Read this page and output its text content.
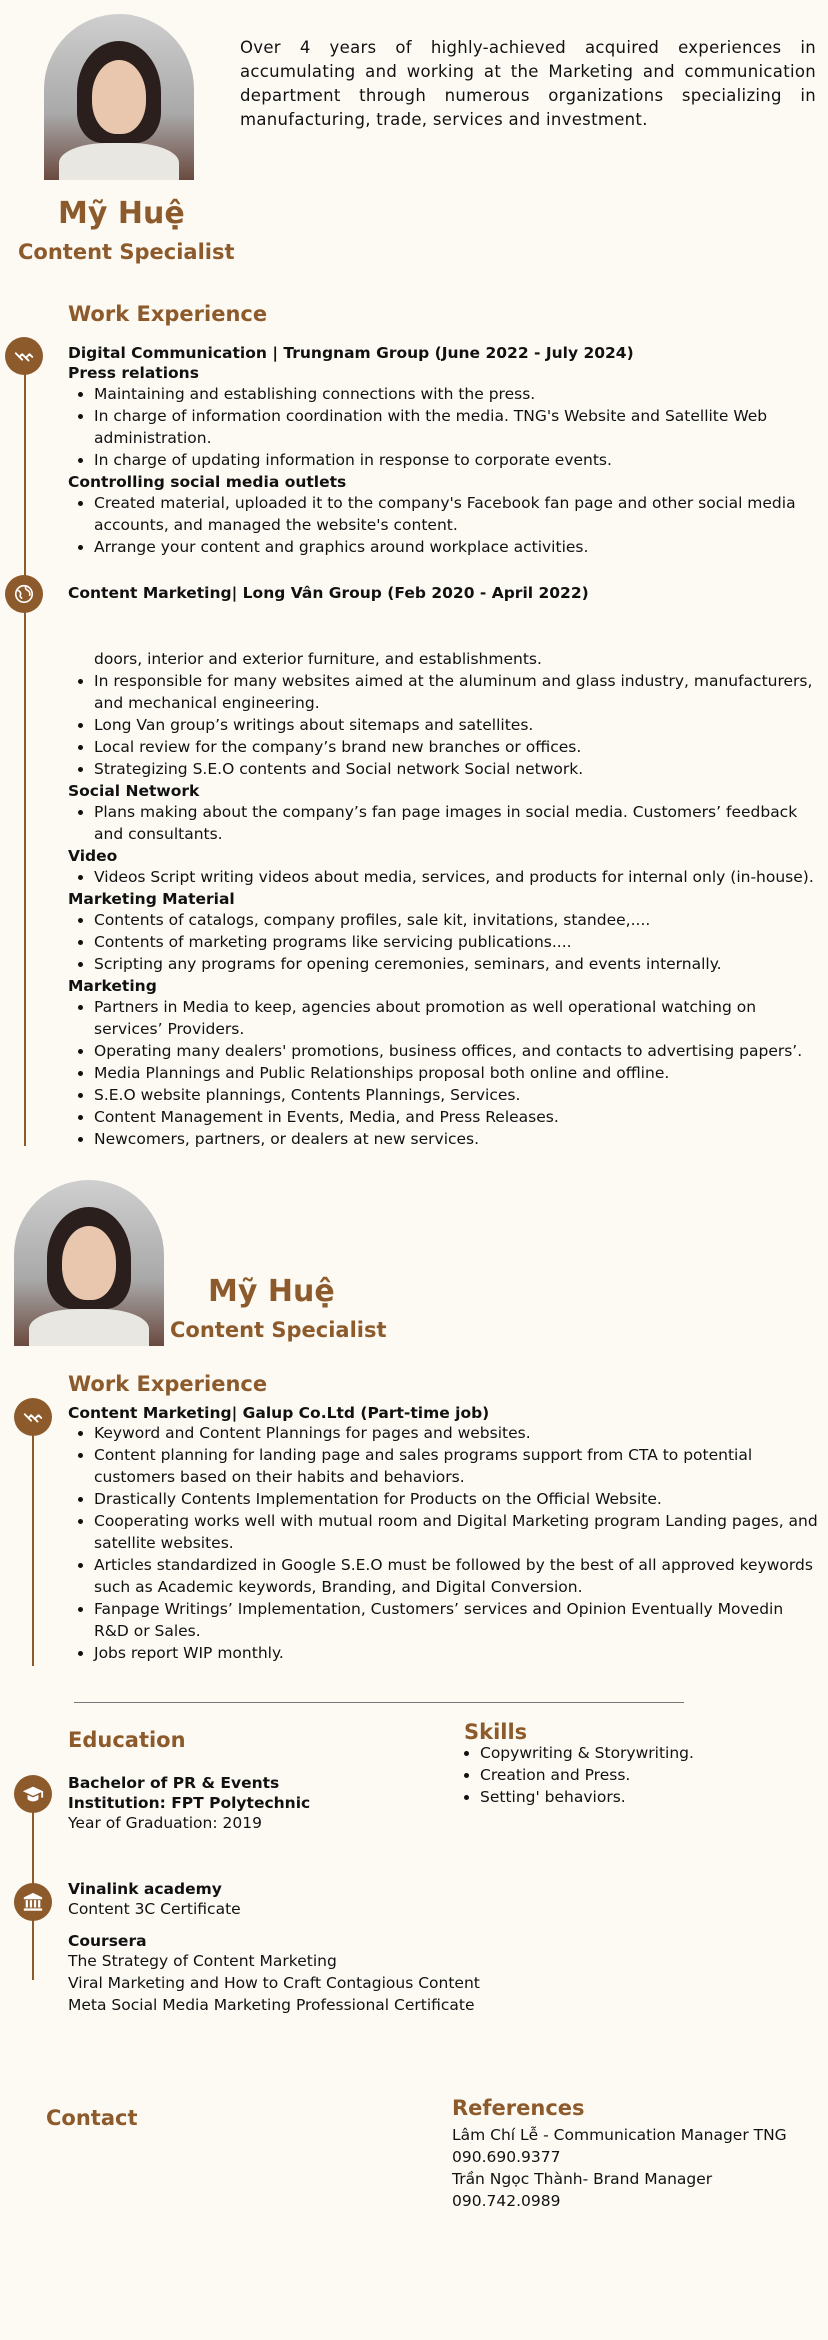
Mỹ Huệ
Content Specialist
Over 4 years of highly-achieved acquired experiences in accumulating and working at the Marketing and communication department through numerous organizations specializing in manufacturing, trade, services and investment.
Work Experience
Digital Communication | Trungnam Group (June 2022 - July 2024)
Press relations
• Maintaining and establishing connections with the press.
• In charge of information coordination with the media. TNG's Website and Satellite Web administration.
• In charge of updating information in response to corporate events.
Controlling social media outlets
• Created material, uploaded it to the company's Facebook fan page and other social media accounts, and managed the website's content.
• Arrange your content and graphics around workplace activities.
Content Marketing| Long Vân Group (Feb 2020 - April 2022)
doors, interior and exterior furniture, and establishments.
• In responsible for many websites aimed at the aluminum and glass industry, manufacturers, and mechanical engineering.
• Long Van group’s writings about sitemaps and satellites.
• Local review for the company’s brand new branches or offices.
• Strategizing S.E.O contents and Social network Social network.
Social Network
• Plans making about the company’s fan page images in social media. Customers’ feedback and consultants.
Video
• Videos Script writing videos about media, services, and products for internal only (in-house).
Marketing Material
• Contents of catalogs, company profiles, sale kit, invitations, standee,....
• Contents of marketing programs like servicing publications....
• Scripting any programs for opening ceremonies, seminars, and events internally.
Marketing
• Partners in Media to keep, agencies about promotion as well operational watching on services’ Providers.
• Operating many dealers' promotions, business offices, and contacts to advertising papers’.
• Media Plannings and Public Relationships proposal both online and offline.
• S.E.O website plannings, Contents Plannings, Services.
• Content Management in Events, Media, and Press Releases.
• Newcomers, partners, or dealers at new services.
Mỹ Huệ
Content Specialist
Work Experience
Content Marketing| Galup Co.Ltd (Part-time job)
• Keyword and Content Plannings for pages and websites.
• Content planning for landing page and sales programs support from CTA to potential customers based on their habits and behaviors.
• Drastically Contents Implementation for Products on the Official Website.
• Cooperating works well with mutual room and Digital Marketing program Landing pages, and satellite websites.
• Articles standardized in Google S.E.O must be followed by the best of all approved keywords such as Academic keywords, Branding, and Digital Conversion.
• Fanpage Writings’ Implementation, Customers’ services and Opinion Eventually Movedin R&D or Sales.
• Jobs report WIP monthly.
Education
Bachelor of PR & Events
Institution: FPT Polytechnic
Year of Graduation: 2019
Vinalink academy
Content 3C Certificate
Coursera
The Strategy of Content Marketing
Viral Marketing and How to Craft Contagious Content
Meta Social Media Marketing Professional Certificate
Skills
• Copywriting & Storywriting.
• Creation and Press.
• Setting' behaviors.
Contact	References
Lâm Chí Lễ - Communication Manager TNG
090.690.9377
Trần Ngọc Thành- Brand Manager
090.742.0989
